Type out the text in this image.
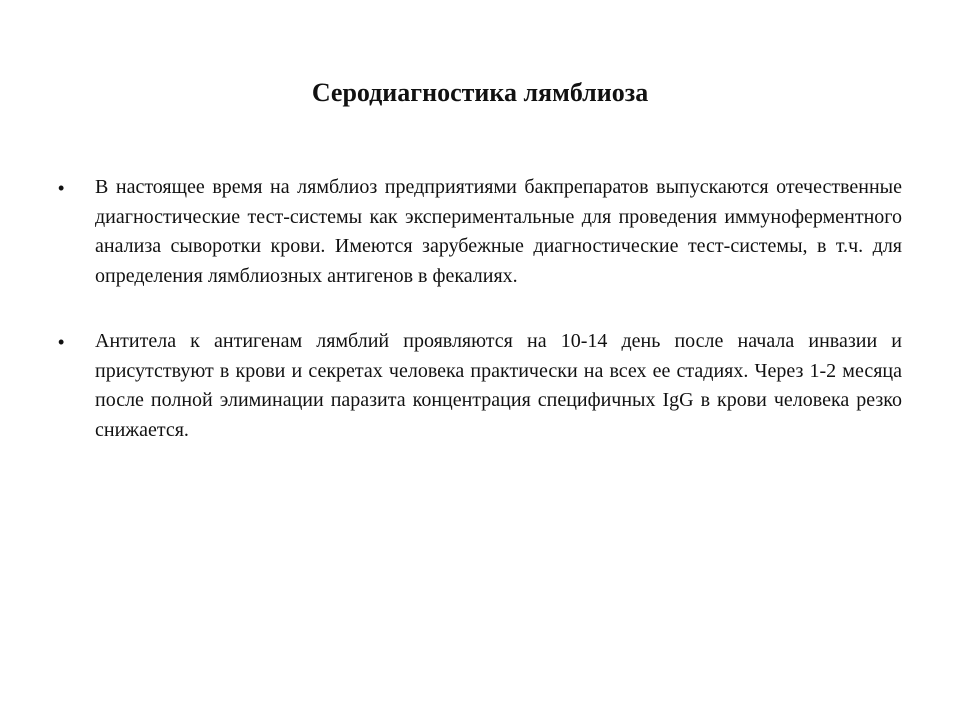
Серодиагностика лямблиоза
• В настоящее время на лямблиоз предприятиями бакпрепаратов выпускаются отечественные диагностические тест-системы как экспериментальные для проведения иммуноферментного анализа сыворотки крови. Имеются зарубежные диагностические тест-системы, в т.ч. для определения лямблиозных антигенов в фекалиях.
• Антитела к антигенам лямблий проявляются на 10-14 день после начала инвазии и присутствуют в крови и секретах человека практически на всех ее стадиях. Через 1-2 месяца после полной элиминации паразита концентрация специфичных IgG в крови человека резко снижается.
